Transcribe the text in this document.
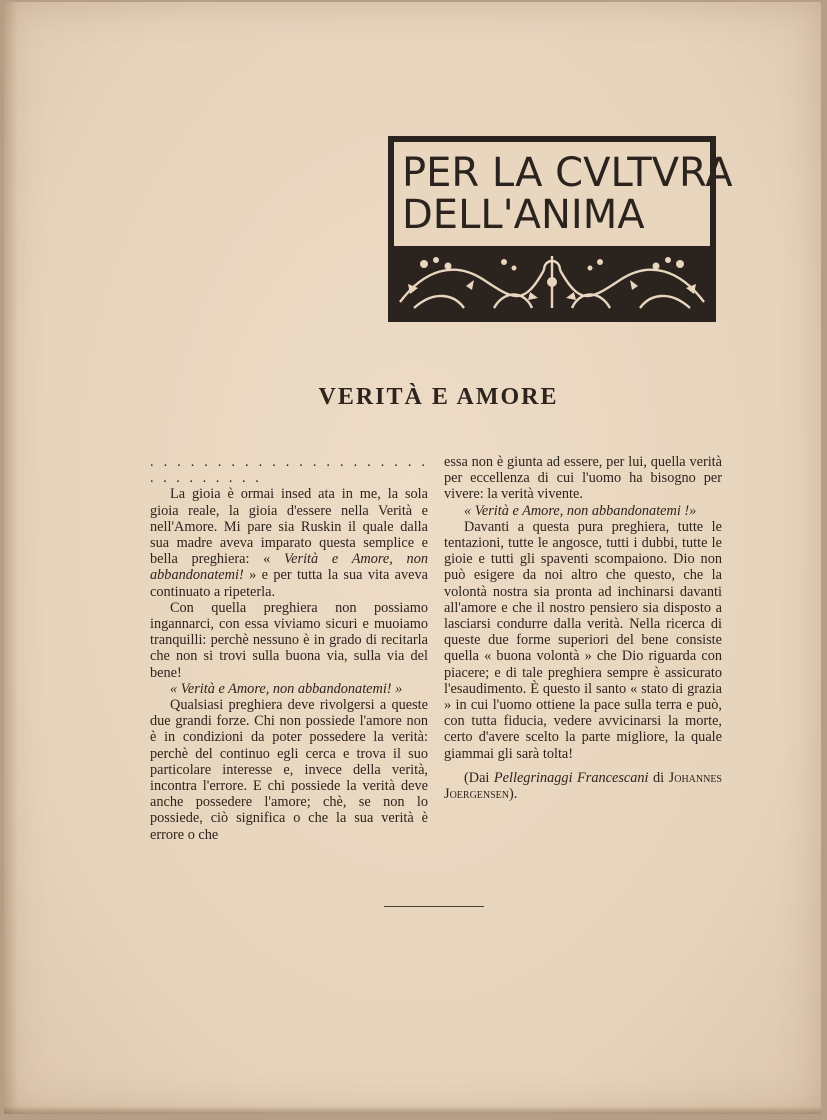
PER LA CVLTVRA
DELL'ANIMA
VERITÀ E AMORE

. . . . . . . . . . . . . . . . . . . . . . . . . . . . . .

La gioia è ormai insed ata in me, la sola gioia reale, la gioia d'essere nella Verità e nell'Amore. Mi pare sia Ruskin il quale dalla sua madre aveva imparato questa semplice e bella preghiera: « Verità e Amore, non abbandonatemi! » e per tutta la sua vita aveva continuato a ripeterla.

Con quella preghiera non possiamo ingannarci, con essa viviamo sicuri e muoiamo tranquilli: perchè nessuno è in grado di recitarla che non si trovi sulla buona via, sulla via del bene!

« Verità e Amore, non abbandonatemi! »

Qualsiasi preghiera deve rivolgersi a queste due grandi forze. Chi non possiede l'amore non è in condizioni da poter possedere la verità: perchè del continuo egli cerca e trova il suo particolare interesse e, invece della verità, incontra l'errore. E chi possiede la verità deve anche possedere l'amore; chè, se non lo possiede, ciò significa o che la sua verità è errore o che

essa non è giunta ad essere, per lui, quella verità per eccellenza di cui l'uomo ha bisogno per vivere: la verità vivente.

« Verità e Amore, non abbandonatemi !»

Davanti a questa pura preghiera, tutte le tentazioni, tutte le angosce, tutti i dubbi, tutte le gioie e tutti gli spaventi scompaiono. Dio non può esigere da noi altro che questo, che la volontà nostra sia pronta ad inchinarsi davanti all'amore e che il nostro pensiero sia disposto a lasciarsi condurre dalla verità. Nella ricerca di queste due forme superiori del bene consiste quella « buona volontà » che Dio riguarda con piacere; e di tale preghiera sempre è assicurato l'esaudimento. È questo il santo « stato di grazia » in cui l'uomo ottiene la pace sulla terra e può, con tutta fiducia, vedere avvicinarsi la morte, certo d'avere scelto la parte migliore, la quale giammai gli sarà tolta!

(Dai Pellegrinaggi Francescani di Johannes Joergensen).
